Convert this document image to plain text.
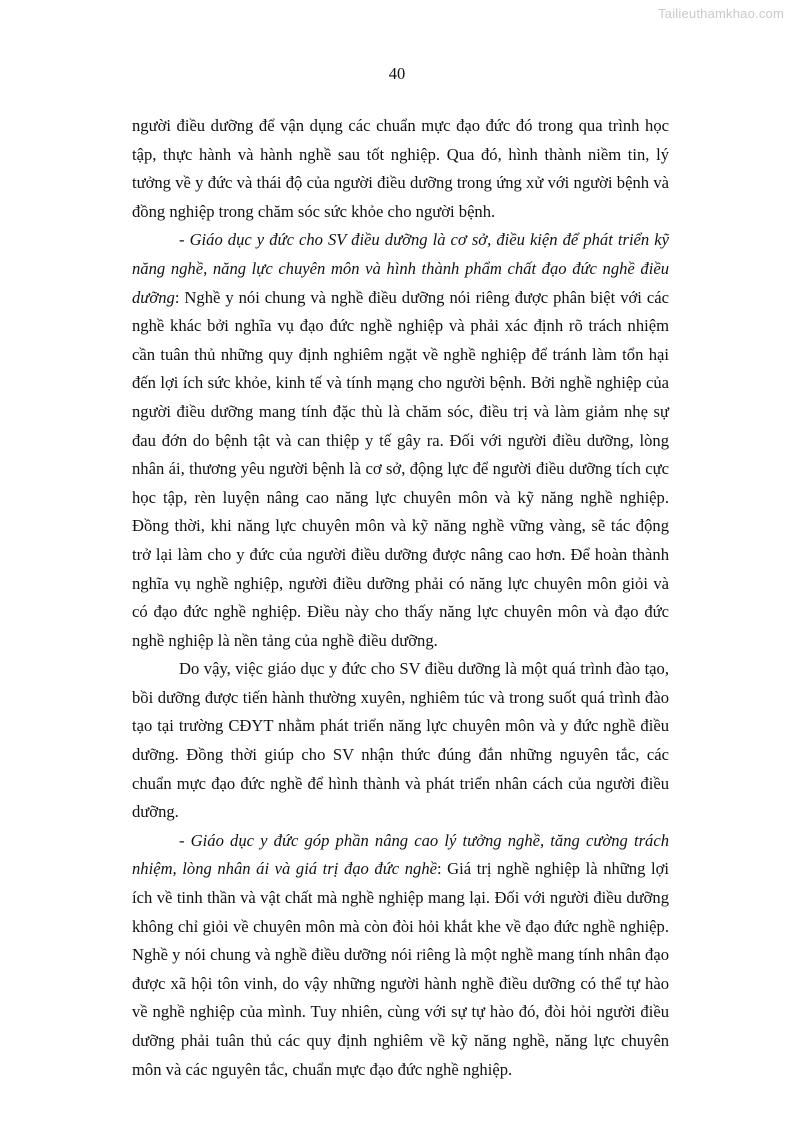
Tailieuthamkhao.com
40

người điều dưỡng để vận dụng các chuẩn mực đạo đức đó trong qua trình học tập, thực hành và hành nghề sau tốt nghiệp. Qua đó, hình thành niềm tin, lý tưởng về y đức và thái độ của người điều dưỡng trong ứng xử với người bệnh và đồng nghiệp trong chăm sóc sức khỏe cho người bệnh.

- Giáo dục y đức cho SV điều dưỡng là cơ sở, điều kiện để phát triển kỹ năng nghề, năng lực chuyên môn và hình thành phẩm chất đạo đức nghề điều dưỡng: Nghề y nói chung và nghề điều dưỡng nói riêng được phân biệt với các nghề khác bởi nghĩa vụ đạo đức nghề nghiệp và phải xác định rõ trách nhiệm cần tuân thủ những quy định nghiêm ngặt về nghề nghiệp để tránh làm tổn hại đến lợi ích sức khỏe, kinh tế và tính mạng cho người bệnh. Bởi nghề nghiệp của người điều dưỡng mang tính đặc thù là chăm sóc, điều trị và làm giảm nhẹ sự đau đớn do bệnh tật và can thiệp y tế gây ra. Đối với người điều dưỡng, lòng nhân ái, thương yêu người bệnh là cơ sở, động lực để người điều dưỡng tích cực học tập, rèn luyện nâng cao năng lực chuyên môn và kỹ năng nghề nghiệp. Đồng thời, khi năng lực chuyên môn và kỹ năng nghề vững vàng, sẽ tác động trở lại làm cho y đức của người điều dưỡng được nâng cao hơn. Để hoàn thành nghĩa vụ nghề nghiệp, người điều dưỡng phải có năng lực chuyên môn giỏi và có đạo đức nghề nghiệp. Điều này cho thấy năng lực chuyên môn và đạo đức nghề nghiệp là nền tảng của nghề điều dưỡng.

Do vậy, việc giáo dục y đức cho SV điều dưỡng là một quá trình đào tạo, bồi dưỡng được tiến hành thường xuyên, nghiêm túc và trong suốt quá trình đào tạo tại trường CĐYT nhằm phát triển năng lực chuyên môn và y đức nghề điều dưỡng. Đồng thời giúp cho SV nhận thức đúng đắn những nguyên tắc, các chuẩn mực đạo đức nghề để hình thành và phát triển nhân cách của người điều dưỡng.

- Giáo dục y đức góp phần nâng cao lý tưởng nghề, tăng cường trách nhiệm, lòng nhân ái và giá trị đạo đức nghề: Giá trị nghề nghiệp là những lợi ích về tinh thần và vật chất mà nghề nghiệp mang lại. Đối với người điều dưỡng không chỉ giỏi về chuyên môn mà còn đòi hỏi khắt khe về đạo đức nghề nghiệp. Nghề y nói chung và nghề điều dưỡng nói riêng là một nghề mang tính nhân đạo được xã hội tôn vinh, do vậy những người hành nghề điều dưỡng có thể tự hào về nghề nghiệp của mình. Tuy nhiên, cùng với sự tự hào đó, đòi hỏi người điều dưỡng phải tuân thủ các quy định nghiêm về kỹ năng nghề, năng lực chuyên môn và các nguyên tắc, chuẩn mực đạo đức nghề nghiệp.
